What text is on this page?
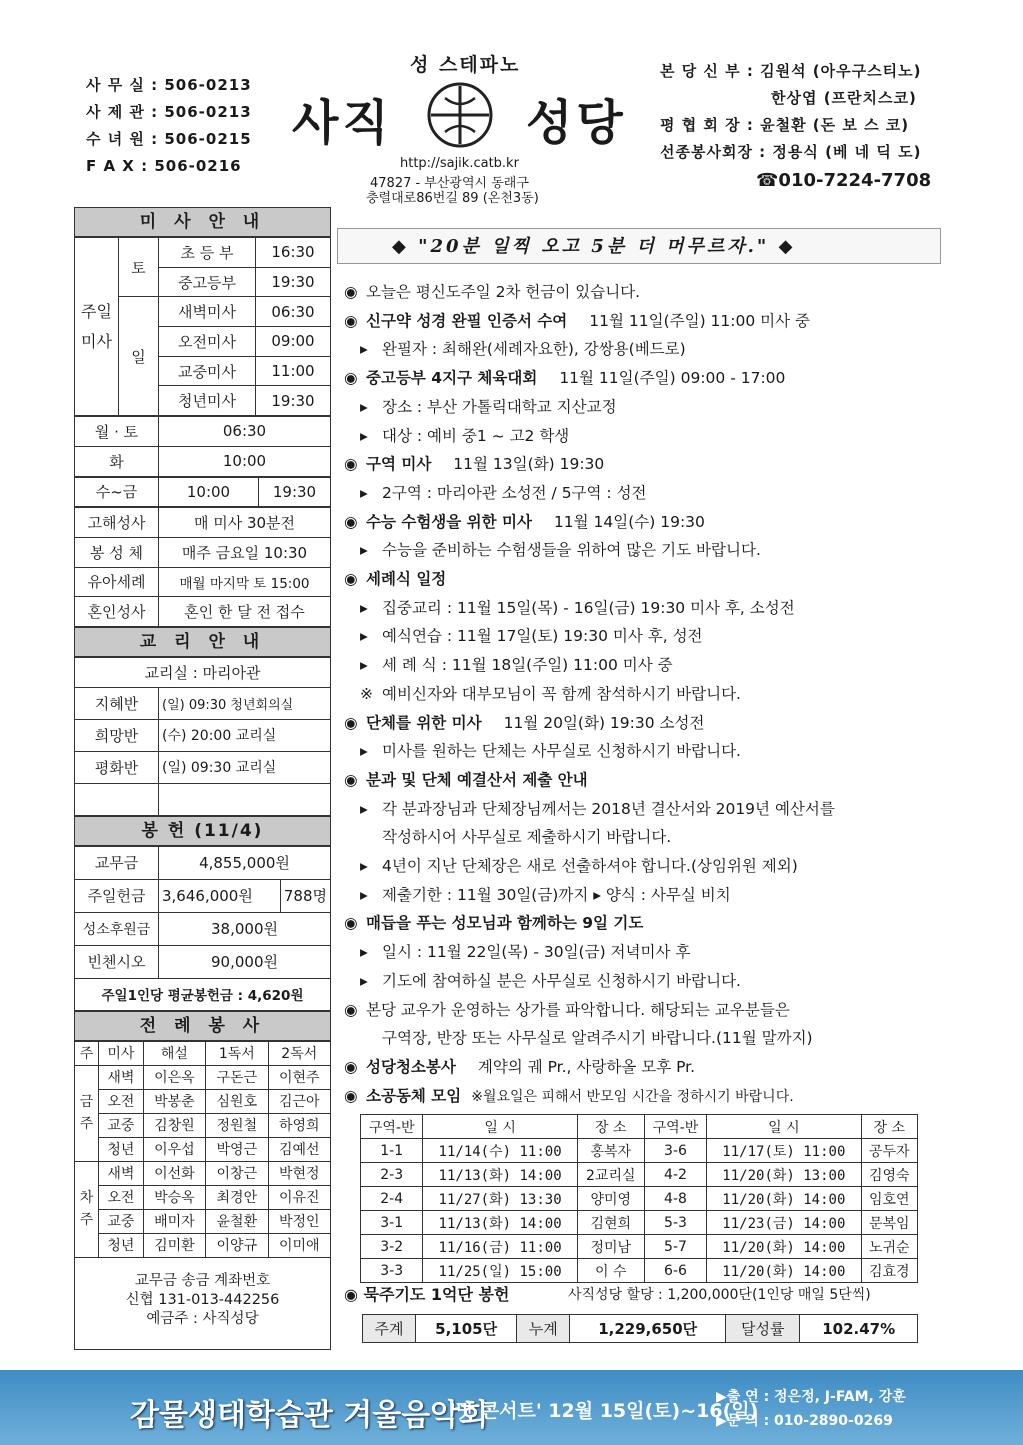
사 무 실 : 506-0213
사 제 관 : 506-0213
수 녀 원 : 506-0215
F A X : 506-0216
성 스테파노
사직	성당
http://sajik.catb.kr
47827 - 부산광역시 동래구
충렬대로86번길 89 (온천3동)
본 당 신 부 : 김원석 (아우구스티노)
한상엽 (프란치스코)
평 협 회 장 : 윤철환 (돈 보 스 코)
선종봉사회장 : 정용식 (베 네 딕 도)
☎010-7224-7708
미 사 안 내
주일미사	토	초 등 부	16:30
		중고등부	19:30
	일	새벽미사	06:30
		오전미사	09:00
		교중미사	11:00
		청년미사	19:30
월 · 토	06:30
화	10:00
수~금	10:00	19:30
고해성사	매 미사 30분전
봉 성 체	매주 금요일 10:30
유아세례	매월 마지막 토 15:00
혼인성사	혼인 한 달 전 접수
교 리 안 내
교리실 : 마리아관	
지혜반	(일) 09:30 청년회의실
희망반	(수) 20:00 교리실
평화반	(일) 09:30 교리실

봉 헌 (11/4)
교무금	4,855,000원	
주일헌금	3,646,000원	788명
성소후원금	38,000원	
빈첸시오	90,000원	
주일1인당 평균봉헌금 : 4,620원		
전 례 봉 사
주	미사	해설	1독서	2독서
금주	새벽	이은옥	구돈근	이현주
	오전	박봉춘	심원호	김근아
	교중	김창원	정원철	하영희
	청년	이우섭	박영근	김예선
차주	새벽	이선화	이창근	박현정
	오전	박승옥	최경안	이유진
	교중	배미자	윤철환	박정인
	청년	김미환	이양규	이미애
교무금 송금 계좌번호
신협 131-013-442256
예금주 : 사직성당
◆ "20분 일찍 오고 5분 더 머무르자." ◆
◉ 오늘은 평신도주일 2차 헌금이 있습니다.
◉ 신구약 성경 완필 인증서 수여 11월 11일(주일) 11:00 미사 중
▸ 완필자 : 최해완(세례자요한), 강쌍용(베드로)
◉ 중고등부 4지구 체육대회 11월 11일(주일) 09:00 - 17:00
▸ 장소 : 부산 가톨릭대학교 지산교정
▸ 대상 : 예비 중1 ~ 고2 학생
◉ 구역 미사 11월 13일(화) 19:30
▸ 2구역 : 마리아관 소성전 / 5구역 : 성전
◉ 수능 수험생을 위한 미사 11월 14일(수) 19:30
▸ 수능을 준비하는 수험생들을 위하여 많은 기도 바랍니다.
◉ 세례식 일정
▸ 집중교리 : 11월 15일(목) - 16일(금) 19:30 미사 후, 소성전
▸ 예식연습 : 11월 17일(토) 19:30 미사 후, 성전
▸ 세 례 식 : 11월 18일(주일) 11:00 미사 중
※ 예비신자와 대부모님이 꼭 함께 참석하시기 바랍니다.
◉ 단체를 위한 미사 11월 20일(화) 19:30 소성전
▸ 미사를 원하는 단체는 사무실로 신청하시기 바랍니다.
◉ 분과 및 단체 예결산서 제출 안내
▸ 각 분과장님과 단체장님께서는 2018년 결산서와 2019년 예산서를
작성하시어 사무실로 제출하시기 바랍니다.
▸ 4년이 지난 단체장은 새로 선출하셔야 합니다.(상임위원 제외)
▸ 제출기한 : 11월 30일(금)까지 ▸ 양식 : 사무실 비치
◉ 매듭을 푸는 성모님과 함께하는 9일 기도
▸ 일시 : 11월 22일(목) - 30일(금) 저녁미사 후
▸ 기도에 참여하실 분은 사무실로 신청하시기 바랍니다.
◉ 본당 교우가 운영하는 상가를 파악합니다. 해당되는 교우분들은
구역장, 반장 또는 사무실로 알려주시기 바랍니다.(11월 말까지)
◉ 성당청소봉사 계약의 궤 Pr., 사랑하올 모후 Pr.
◉ 소공동체 모임 ※월요일은 피해서 반모임 시간을 정하시기 바랍니다.
구역-반	일 시	장 소	구역-반	일 시	장 소
1-1	11/14(수) 11:00	홍복자	3-6	11/17(토) 11:00	공두자
2-3	11/13(화) 14:00	2교리실	4-2	11/20(화) 13:00	김영숙
2-4	11/27(화) 13:30	양미영	4-8	11/20(화) 14:00	임호연
3-1	11/13(화) 14:00	김현희	5-3	11/23(금) 14:00	문복임
3-2	11/16(금) 11:00	정미남	5-7	11/20(화) 14:00	노귀순
3-3	11/25(일) 15:00	이 수	6-6	11/20(화) 14:00	김효경
◉ 묵주기도 1억단 봉헌	사직성당 할당 : 1,200,000단(1인당 매일 5단씩)
주계	5,105단	누계	1,229,650단	달성률	102.47%
감물생태학습관 겨울음악회
'맛 콘서트' 12월 15일(토)~16(일)
▶출 연 : 정은정, J-FAM, 강훈
▶문 의 : 010-2890-0269
